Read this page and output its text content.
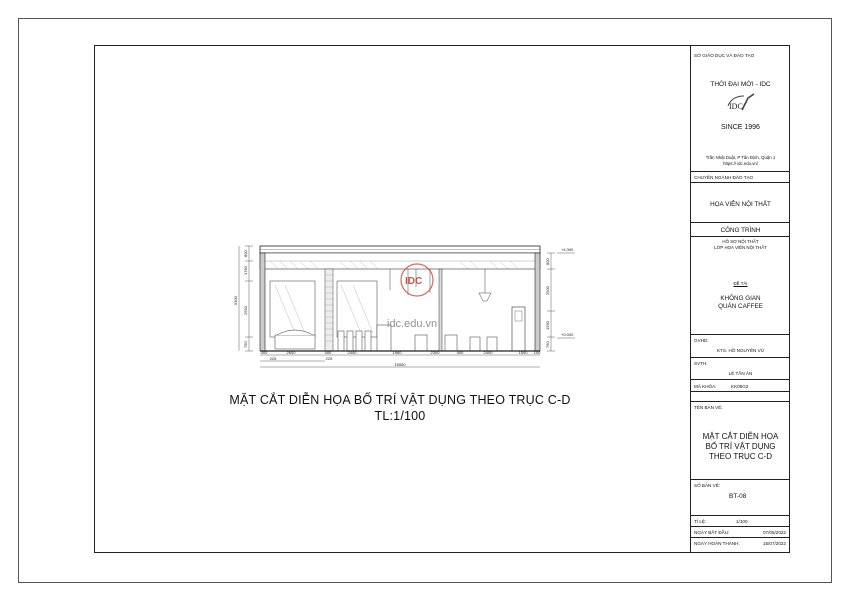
IDC
idc.edu.vn
800
1760
2550
750
5300
800
2500
1560
750
+4.300
+0.000
400	2600	400	2440	1960	2300	400	2400	1500 100
225	225
15550
MẶT CẮT DIỄN HỌA BỐ TRÍ VẬT DỤNG THEO TRỤC C-D
TL:1/100
SỞ GIÁO DỤC VÀ ĐÀO TẠO
THỜI ĐẠI MỚI - IDC
IDC
SINCE 1996
Trần Nhật Duật, P Tân Định, Quận 1
https:// idc.edu.vn/
CHUYÊN NGÀNH ĐÀO TẠO
HỌA VIÊN NỘI THẤT
CÔNG TRÌNH
HỒ SƠ NỘI THẤT
LỚP HỌA VIÊN NỘI THẤT
ĐỀ TÀI
KHÔNG GIAN
QUÁN CAFFEE
GVHD:
KTS. HỒ NGUYÊN VŨ
SVTH:
LÊ TẤN ÂN
MÃ KHÓA:	KK08G2
TÊN BẢN VẼ:
MẶT CẮT DIỄN HỌA
BỐ TRÍ VẬT DỤNG
THEO TRỤC C-D
SỐ BẢN VẼ:
BT-08
TỈ LỆ:	1/100
NGÀY BẮT ĐẦU:	07/05/2022
NGÀY HOÀN THÀNH:	15/07/2022
